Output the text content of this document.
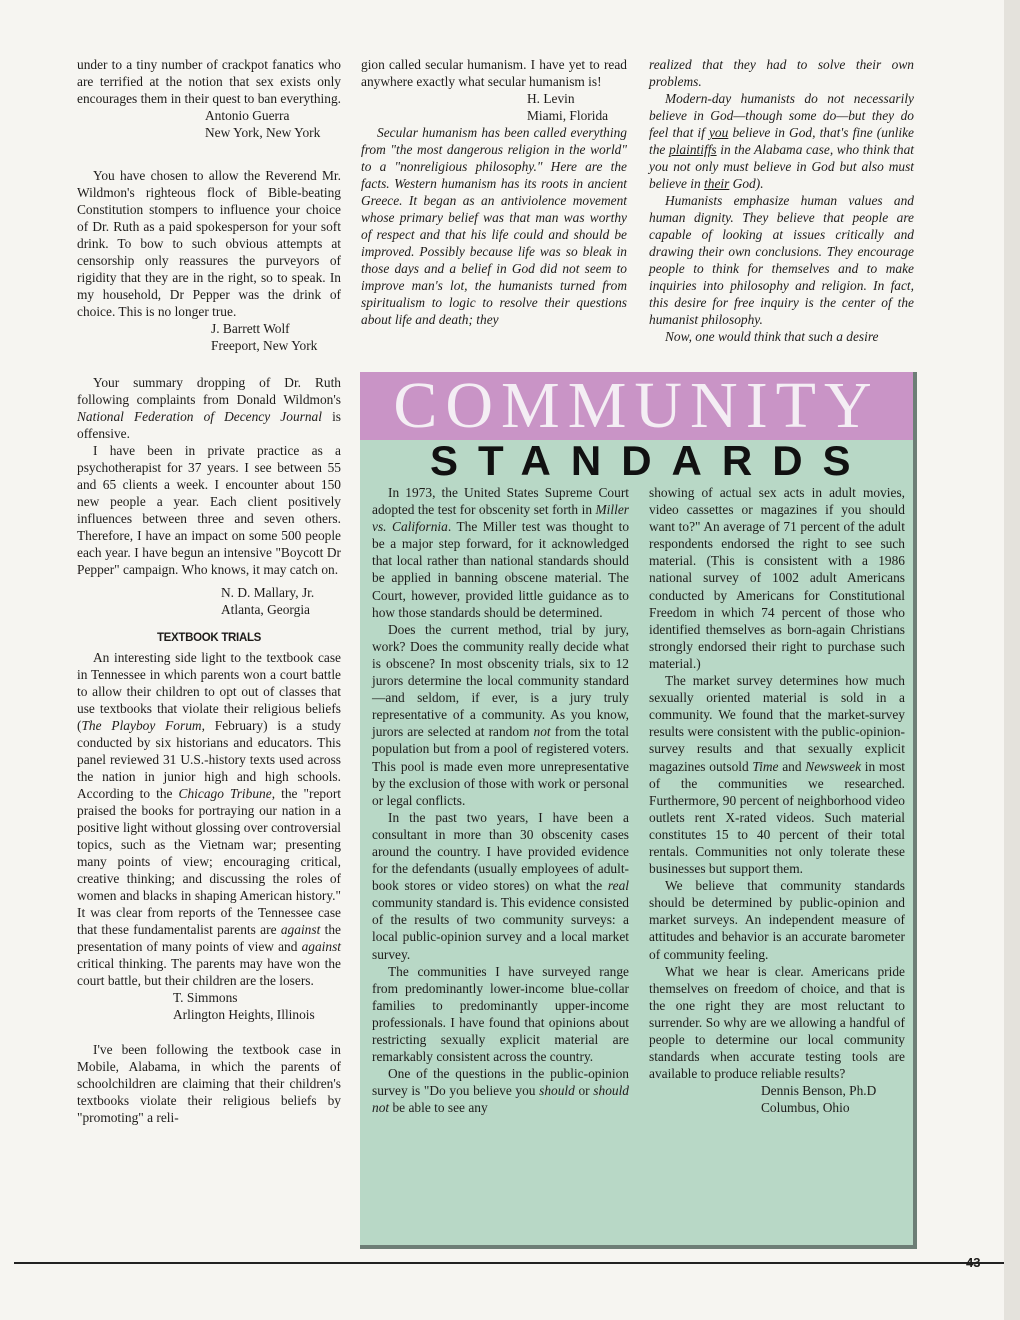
under to a tiny number of crackpot fanatics who are terrified at the notion that sex exists only encourages them in their quest to ban everything.

Antonio Guerra
New York, New York

You have chosen to allow the Reverend Mr. Wildmon's righteous flock of Bible-beating Constitution stompers to influence your choice of Dr. Ruth as a paid spokesperson for your soft drink. To bow to such obvious attempts at censorship only reassures the purveyors of rigidity that they are in the right, so to speak. In my household, Dr Pepper was the drink of choice. This is no longer true.

J. Barrett Wolf
Freeport, New York

Your summary dropping of Dr. Ruth following complaints from Donald Wildmon's National Federation of Decency Journal is offensive.

I have been in private practice as a psychotherapist for 37 years. I see between 55 and 65 clients a week. I encounter about 150 new people a year. Each client positively influences between three and seven others. Therefore, I have an impact on some 500 people each year. I have begun an intensive "Boycott Dr Pepper" campaign. Who knows, it may catch on.

N. D. Mallary, Jr.
Atlanta, Georgia
TEXTBOOK TRIALS

An interesting side light to the textbook case in Tennessee in which parents won a court battle to allow their children to opt out of classes that use textbooks that violate their religious beliefs (The Playboy Forum, February) is a study conducted by six historians and educators. This panel reviewed 31 U.S.-history texts used across the nation in junior high and high schools. According to the Chicago Tribune, the "report praised the books for portraying our nation in a positive light without glossing over controversial topics, such as the Vietnam war; presenting many points of view; encouraging critical, creative thinking; and discussing the roles of women and blacks in shaping American history." It was clear from reports of the Tennessee case that these fundamentalist parents are against the presentation of many points of view and against critical thinking. The parents may have won the court battle, but their children are the losers.

T. Simmons
Arlington Heights, Illinois

I've been following the textbook case in Mobile, Alabama, in which the parents of schoolchildren are claiming that their children's textbooks violate their religious beliefs by "promoting" a reli-

gion called secular humanism. I have yet to read anywhere exactly what secular humanism is!

H. Levin
Miami, Florida

Secular humanism has been called everything from "the most dangerous religion in the world" to a "nonreligious philosophy." Here are the facts. Western humanism has its roots in ancient Greece. It began as an antiviolence movement whose primary belief was that man was worthy of respect and that his life could and should be improved. Possibly because life was so bleak in those days and a belief in God did not seem to improve man's lot, the humanists turned from spiritualism to logic to resolve their questions about life and death; they

realized that they had to solve their own problems.

Modern-day humanists do not necessarily believe in God—though some do—but they do feel that if you believe in God, that's fine (unlike the plaintiffs in the Alabama case, who think that you not only must believe in God but also must believe in their God).

Humanists emphasize human values and human dignity. They believe that people are capable of looking at issues critically and drawing their own conclusions. They encourage people to think for themselves and to make inquiries into philosophy and religion. In fact, this desire for free inquiry is the center of the humanist philosophy.

Now, one would think that such a desire

COMMUNITY
STANDARDS

In 1973, the United States Supreme Court adopted the test for obscenity set forth in Miller vs. California. The Miller test was thought to be a major step forward, for it acknowledged that local rather than national standards should be applied in banning obscene material. The Court, however, provided little guidance as to how those standards should be determined.

Does the current method, trial by jury, work? Does the community really decide what is obscene? In most obscenity trials, six to 12 jurors determine the local community standard—and seldom, if ever, is a jury truly representative of a community. As you know, jurors are selected at random not from the total population but from a pool of registered voters. This pool is made even more unrepresentative by the exclusion of those with work or personal or legal conflicts.

In the past two years, I have been a consultant in more than 30 obscenity cases around the country. I have provided evidence for the defendants (usually employees of adult-book stores or video stores) on what the real community standard is. This evidence consisted of the results of two community surveys: a local public-opinion survey and a local market survey.

The communities I have surveyed range from predominantly lower-income blue-collar families to predominantly upper-income professionals. I have found that opinions about restricting sexually explicit material are remarkably consistent across the country.

One of the questions in the public-opinion survey is "Do you believe you should or should not be able to see any

showing of actual sex acts in adult movies, video cassettes or magazines if you should want to?" An average of 71 percent of the adult respondents endorsed the right to see such material. (This is consistent with a 1986 national survey of 1002 adult Americans conducted by Americans for Constitutional Freedom in which 74 percent of those who identified themselves as born-again Christians strongly endorsed their right to purchase such material.)

The market survey determines how much sexually oriented material is sold in a community. We found that the market-survey results were consistent with the public-opinion-survey results and that sexually explicit magazines outsold Time and Newsweek in most of the communities we researched. Furthermore, 90 percent of neighborhood video outlets rent X-rated videos. Such material constitutes 15 to 40 percent of their total rentals. Communities not only tolerate these businesses but support them.

We believe that community standards should be determined by public-opinion and market surveys. An independent measure of attitudes and behavior is an accurate barometer of community feeling.

What we hear is clear. Americans pride themselves on freedom of choice, and that is the one right they are most reluctant to surrender. So why are we allowing a handful of people to determine our local community standards when accurate testing tools are available to produce reliable results?

Dennis Benson, Ph.D
Columbus, Ohio
43
